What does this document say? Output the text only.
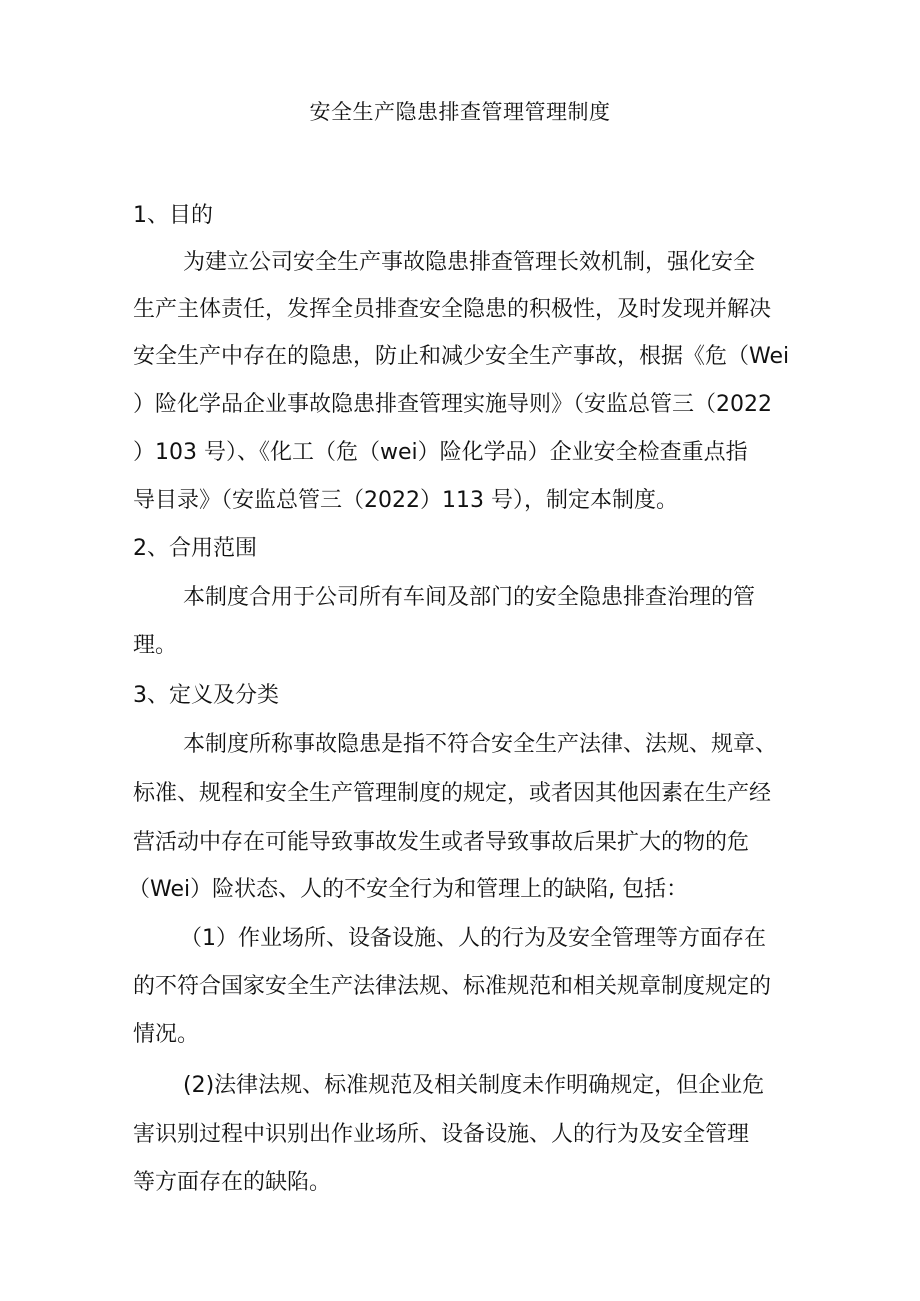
安全生产隐患排查管理管理制度
1、目的
为建立公司安全生产事故隐患排查管理长效机制，强化安全
生产主体责任，发挥全员排查安全隐患的积极性，及时发现并解决
安全生产中存在的隐患，防止和减少安全生产事故，根据《危（Wei
）险化学品企业事故隐患排查管理实施导则》（安监总管三（2022
）103 号）、《化工（危（wei）险化学品）企业安全检查重点指
导目录》（安监总管三（2022）113 号），制定本制度。
2、合用范围
本制度合用于公司所有车间及部门的安全隐患排查治理的管
理。
3、定义及分类
本制度所称事故隐患是指不符合安全生产法律、法规、规章、
标准、规程和安全生产管理制度的规定，或者因其他因素在生产经
营活动中存在可能导致事故发生或者导致事故后果扩大的物的危
（Wei）险状态、人的不安全行为和管理上的缺陷, 包括：
（1）作业场所、设备设施、人的行为及安全管理等方面存在
的不符合国家安全生产法律法规、标准规范和相关规章制度规定的
情况。
(2)法律法规、标准规范及相关制度未作明确规定，但企业危
害识别过程中识别出作业场所、设备设施、人的行为及安全管理
等方面存在的缺陷。
